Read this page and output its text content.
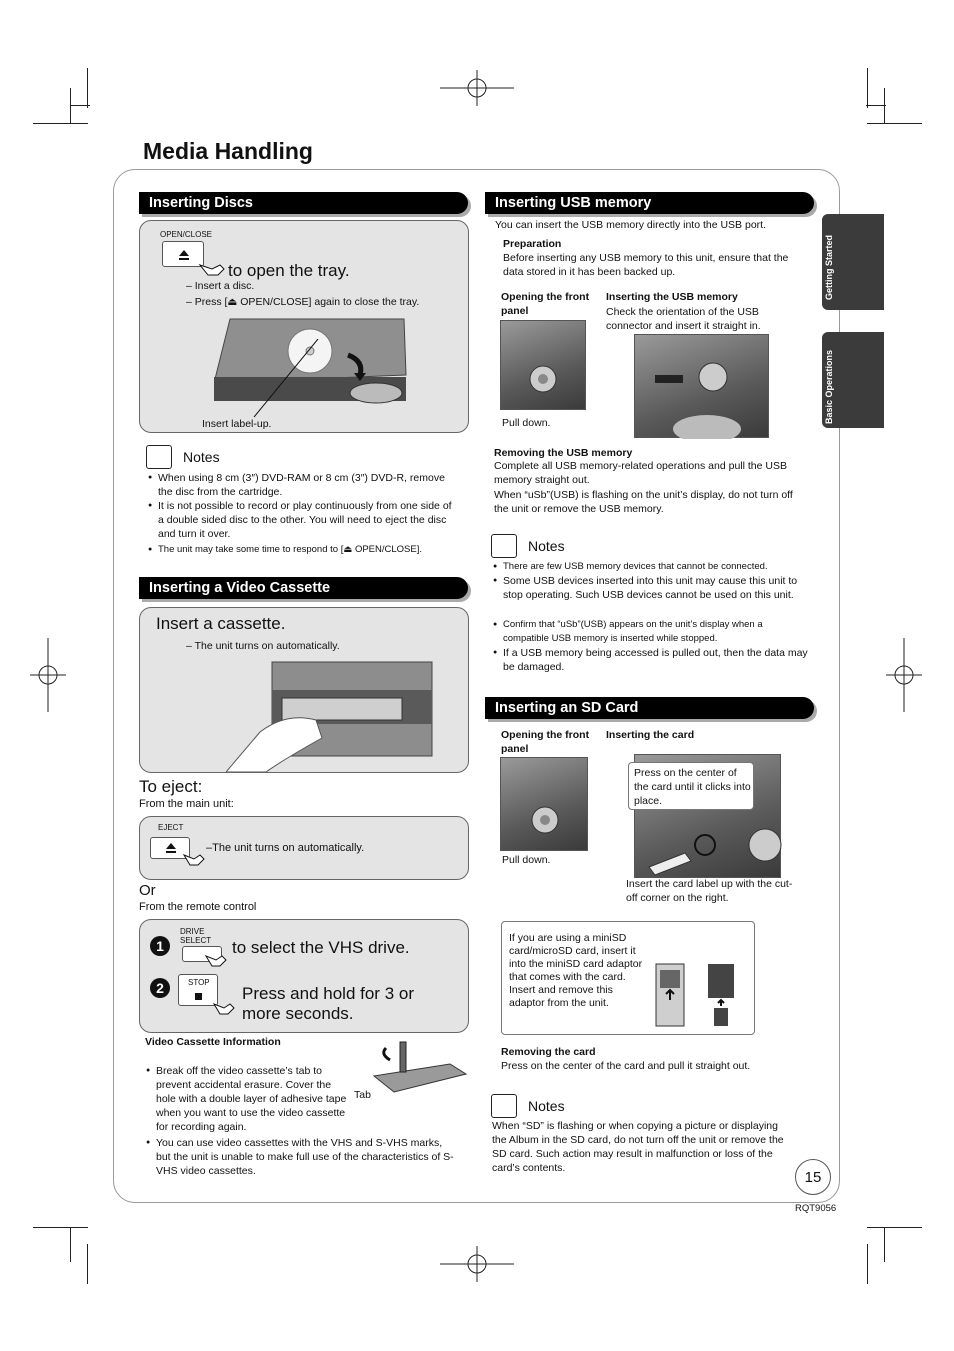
Media Handling
Getting Started
Basic Operations
Inserting Discs
OPEN/CLOSE
to open the tray.
– Insert a disc.
– Press [⏏ OPEN/CLOSE] again to close the tray.
Insert label-up.
Notes
● When using 8 cm (3″) DVD-RAM or 8 cm (3″) DVD-R, remove the disc from the cartridge.
● It is not possible to record or play continuously from one side of a double sided disc to the other. You will need to eject the disc and turn it over.
● The unit may take some time to respond to [⏏ OPEN/CLOSE].
Inserting a Video Cassette
Insert a cassette.
– The unit turns on automatically.
To eject:
From the main unit:
EJECT
–The unit turns on automatically.
Or
From the remote control
1
DRIVE SELECT to select the VHS drive.
2	STOP
Press and hold for 3 or more seconds.
Video Cassette Information
● Break off the video cassette’s tab to prevent accidental erasure. Cover the hole with a double layer of adhesive tape when you want to use the video cassette for recording again.
Tab
● You can use video cassettes with the VHS and S-VHS marks, but the unit is unable to make full use of the characteristics of S-VHS video cassettes.
Inserting USB memory
You can insert the USB memory directly into the USB port.
Preparation
Before inserting any USB memory to this unit, ensure that the data stored in it has been backed up.
Opening the front panel
Inserting the USB memory
Check the orientation of the USB connector and insert it straight in.
Pull down.
Removing the USB memory
Complete all USB memory-related operations and pull the USB memory straight out.
When “uSb”(USB) is flashing on the unit’s display, do not turn off the unit or remove the USB memory.
Notes
● There are few USB memory devices that cannot be connected.
● Some USB devices inserted into this unit may cause this unit to stop operating. Such USB devices cannot be used on this unit.
● Confirm that “uSb”(USB) appears on the unit’s display when a compatible USB memory is inserted while stopped.
● If a USB memory being accessed is pulled out, then the data may be damaged.
Inserting an SD Card
Opening the front panel
Inserting the card
Press on the center of the card until it clicks into place.
Pull down.
Insert the card label up with the cut-off corner on the right.
If you are using a miniSD card/microSD card, insert it into the miniSD card adaptor that comes with the card. Insert and remove this adaptor from the unit.
Removing the card
Press on the center of the card and pull it straight out.
Notes
When “SD” is flashing or when copying a picture or displaying the Album in the SD card, do not turn off the unit or remove the SD card. Such action may result in malfunction or loss of the card’s contents.
15
RQT9056
